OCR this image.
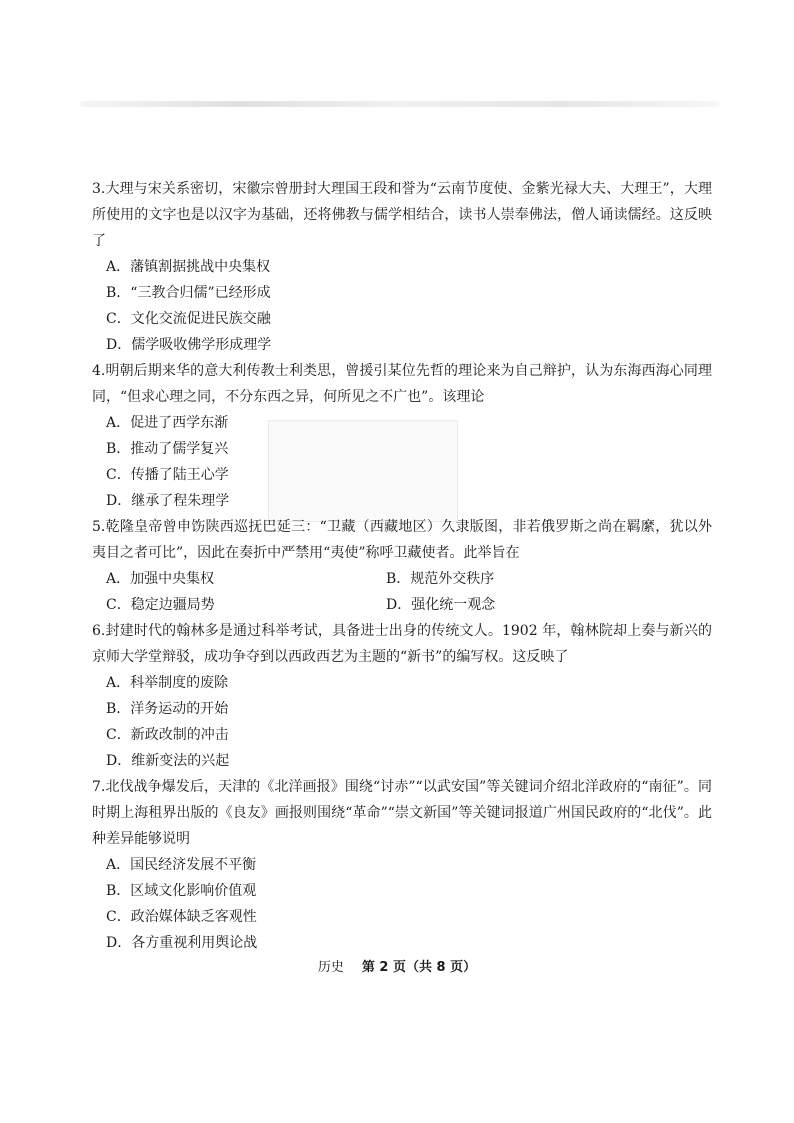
3.大理与宋关系密切，宋徽宗曾册封大理国王段和誉为“云南节度使、金紫光禄大夫、大理王”，大理所使用的文字也是以汉字为基础，还将佛教与儒学相结合，读书人崇奉佛法，僧人诵读儒经。这反映了

A．藩镇割据挑战中央集权

B．“三教合归儒”已经形成

C．文化交流促进民族交融

D．儒学吸收佛学形成理学

4.明朝后期来华的意大利传教士利类思，曾援引某位先哲的理论来为自己辩护，认为东海西海心同理同，“但求心理之同，不分东西之异，何所见之不广也”。该理论

A．促进了西学东渐

B．推动了儒学复兴

C．传播了陆王心学

D．继承了程朱理学

5.乾隆皇帝曾申饬陕西巡抚巴延三：“卫藏（西藏地区）久隶版图，非若俄罗斯之尚在羁縻，犹以外夷目之者可比”，因此在奏折中严禁用“夷使”称呼卫藏使者。此举旨在

A．加强中央集权	B．规范外交秩序
C．稳定边疆局势	D．强化统一观念

6.封建时代的翰林多是通过科举考试，具备进士出身的传统文人。1902 年，翰林院却上奏与新兴的京师大学堂辩驳，成功争夺到以西政西艺为主题的“新书”的编写权。这反映了

A．科举制度的废除

B．洋务运动的开始

C．新政改制的冲击

D．维新变法的兴起

7.北伐战争爆发后，天津的《北洋画报》围绕“讨赤”“以武安国”等关键词介绍北洋政府的“南征”。同时期上海租界出版的《良友》画报则围绕“革命”“崇文新国”等关键词报道广州国民政府的“北伐”。此种差异能够说明

A．国民经济发展不平衡

B．区域文化影响价值观

C．政治媒体缺乏客观性

D．各方重视利用舆论战

历史 第 2 页（共 8 页）
